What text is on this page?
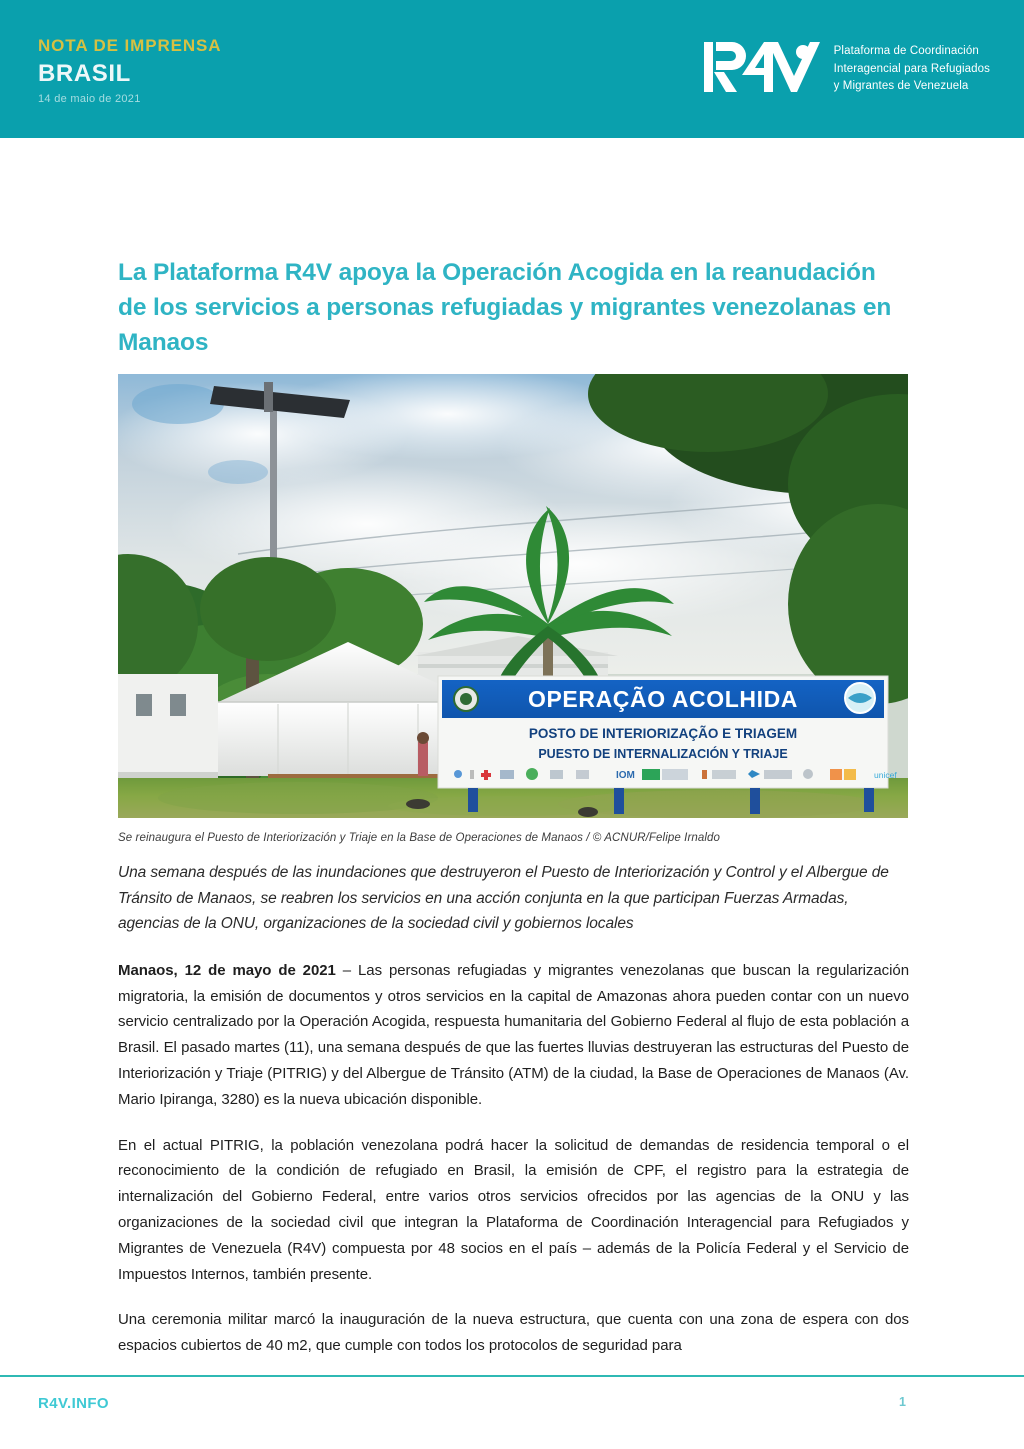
NOTA DE IMPRENSA
BRASIL
14 de maio de 2021
Plataforma de Coordinación
Interagencial para Refugiados
y Migrantes de Venezuela
La Plataforma R4V apoya la Operación Acogida en la reanudación de los servicios a personas refugiadas y migrantes venezolanas en Manaos
OPERAÇÃO ACOLHIDA
POSTO DE INTERIORIZAÇÃO E TRIAGEM
PUESTO DE INTERNALIZACIÓN Y TRIAJE
IOM	unicef
Se reinaugura el Puesto de Interiorización y Triaje en la Base de Operaciones de Manaos / © ACNUR/Felipe Irnaldo
Una semana después de las inundaciones que destruyeron el Puesto de Interiorización y Control y el Albergue de Tránsito de Manaos, se reabren los servicios en una acción conjunta en la que participan Fuerzas Armadas, agencias de la ONU, organizaciones de la sociedad civil y gobiernos locales

Manaos, 12 de mayo de 2021 – Las personas refugiadas y migrantes venezolanas que buscan la regularización migratoria, la emisión de documentos y otros servicios en la capital de Amazonas ahora pueden contar con un nuevo servicio centralizado por la Operación Acogida, respuesta humanitaria del Gobierno Federal al flujo de esta población a Brasil. El pasado martes (11), una semana después de que las fuertes lluvias destruyeran las estructuras del Puesto de Interiorización y Triaje (PITRIG) y del Albergue de Tránsito (ATM) de la ciudad, la Base de Operaciones de Manaos (Av. Mario Ipiranga, 3280) es la nueva ubicación disponible.

En el actual PITRIG, la población venezolana podrá hacer la solicitud de demandas de residencia temporal o el reconocimiento de la condición de refugiado en Brasil, la emisión de CPF, el registro para la estrategia de internalización del Gobierno Federal, entre varios otros servicios ofrecidos por las agencias de la ONU y las organizaciones de la sociedad civil que integran la Plataforma de Coordinación Interagencial para Refugiados y Migrantes de Venezuela (R4V) compuesta por 48 socios en el país – además de la Policía Federal y el Servicio de Impuestos Internos, también presente.

Una ceremonia militar marcó la inauguración de la nueva estructura, que cuenta con una zona de espera con dos espacios cubiertos de 40 m2, que cumple con todos los protocolos de seguridad para

R4V.INFO	1
